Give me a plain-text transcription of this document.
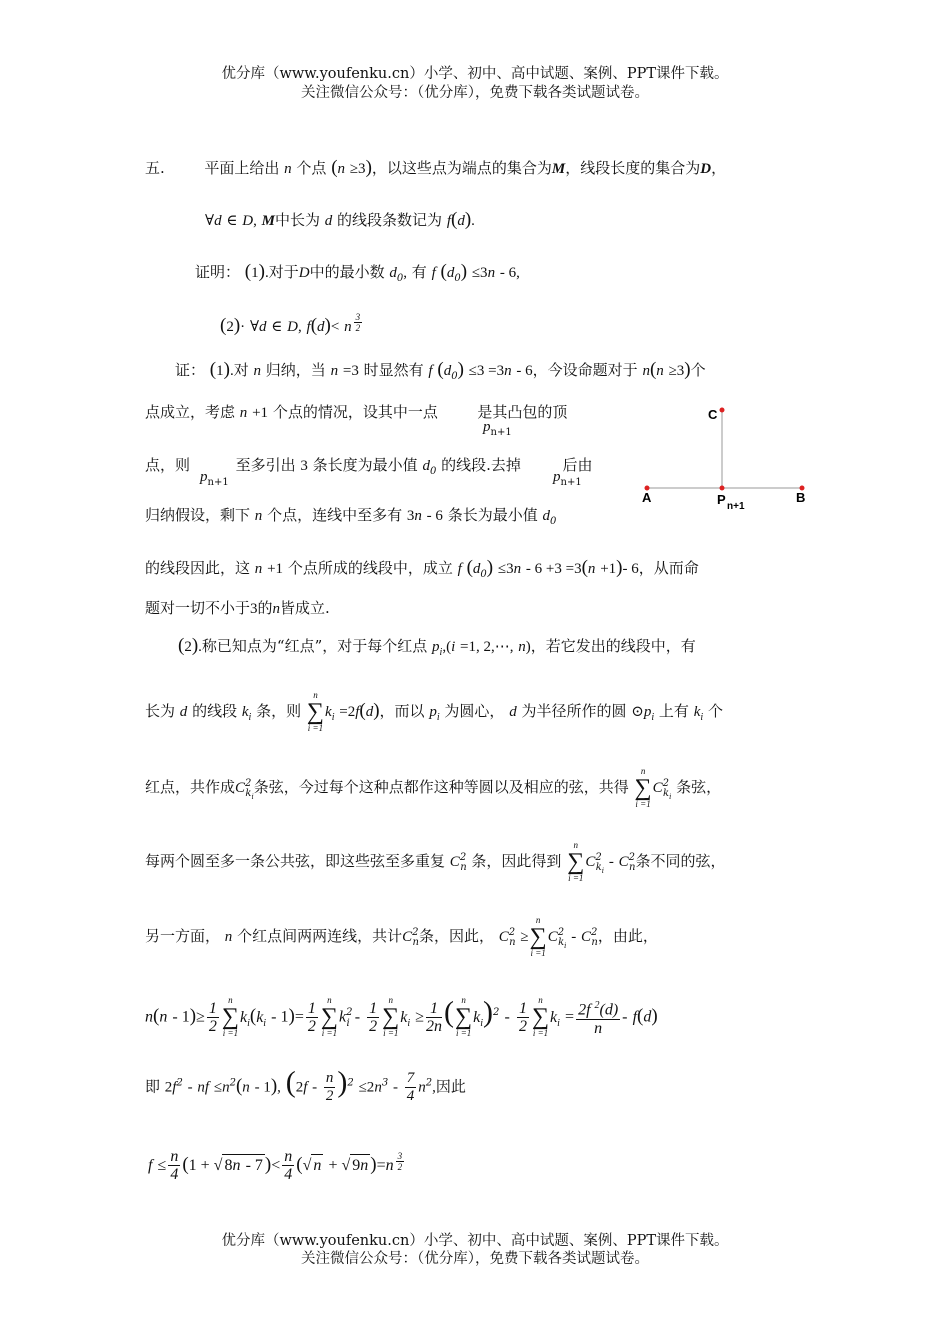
优分库（www.youfenku.cn）小学、初中、高中试题、案例、PPT课件下载。
关注微信公众号：（优分库），免费下载各类试题试卷。
五.	平面上给出 n 个点 (n ≥3)，以这些点为端点的集合为M，线段长度的集合为D，
∀d ∈ D, M中长为 d 的线段条数记为 f(d).
证明： (1).对于D中的最小数 $d_0$, 有 f $(d_0) \le 3n - 6$,
(2)· ∀d ∈ D, f(d)< n $^{\frac{3}{2}}$
证： (1).对 n 归纳，当 n =3 时显然有 f $(d_0) \le 3 =3n - 6$，今设命题对于 n(n ≥3)个
点成立，考虑 n +1 个点的情况，设其中一点	是其凸包的顶
$p_{n+1}$
点，则	至多引出 3 条长度为最小值 $d_0$ 的线段.去掉	后由
$p_{n+1}$	$p_{n+1}$
归纳假设，剩下 n 个点，连线中至多有 3n - 6 条长为最小值 $d_0$
的线段因此，这 n +1 个点所成的线段中，成立 f $(d_0) \le 3n - 6 +3 =3(n +1)-$ 6，从而命
题对一切不小于3的n皆成立.
C
A	P n+1
B
(2).称已知点为“红点”，对于每个红点 $p_i,(i =1$, 2,⋯, n)，若它发出的线段中，有
长为 d 的线段 $k_i$ 条，则
n
∑
i =1
$k_i =2f(d)$，而以 $p_i$ 为圆心， d 为半径所作的圆 $⊙p_i$ 上有 $k_i$ 个
红点，共作成$C^2_{k_i}$条弦，今过每个这种点都作这种等圆以及相应的弦，共得
n
∑
i =1
$C^2_{k_i}$ 条弦，
每两个圆至多一条公共弦，即这些弦至多重复 $C^2_n$ 条，因此得到
n
∑
i =1
$C^2_{k_i} - C^2_n$条不同的弦，
另一方面， n 个红点间两两连线，共计$C^2_n$条，因此， $C^2_n$ ≥
n
∑
i =1
$C^2_{k_i} - C^2_n$，由此，
$n(n - 1)\ge \frac{1}{2}$	n
∑
i =1
$k_i(k_i - 1)= \frac{1}{2}$	n
∑
i =1
$k^2_i - \frac{1}{2}$	n
∑
i =1
$k_i \ge \frac{1}{2n}$ ( n
∑
i =1
$k_i)^2 - \frac{1}{2}$	n
∑
i =1
$k_i = \frac{2f ^2(d)}{n} - f(d)$
即 $2f^2$ - nf $\le n^2(n - 1)$, $(2f - \frac{n}{2} )^2 \le 2n^3 - \frac{7}{4} n^2$,因此
$f \le \frac{n}{4} (1$ + √ 8n - 7 )< $\frac{n}{4}$ (√ n + √ 9n )=n $^{\frac{3}{2}}$
优分库（www.youfenku.cn）小学、初中、高中试题、案例、PPT课件下载。
关注微信公众号：（优分库），免费下载各类试题试卷。
